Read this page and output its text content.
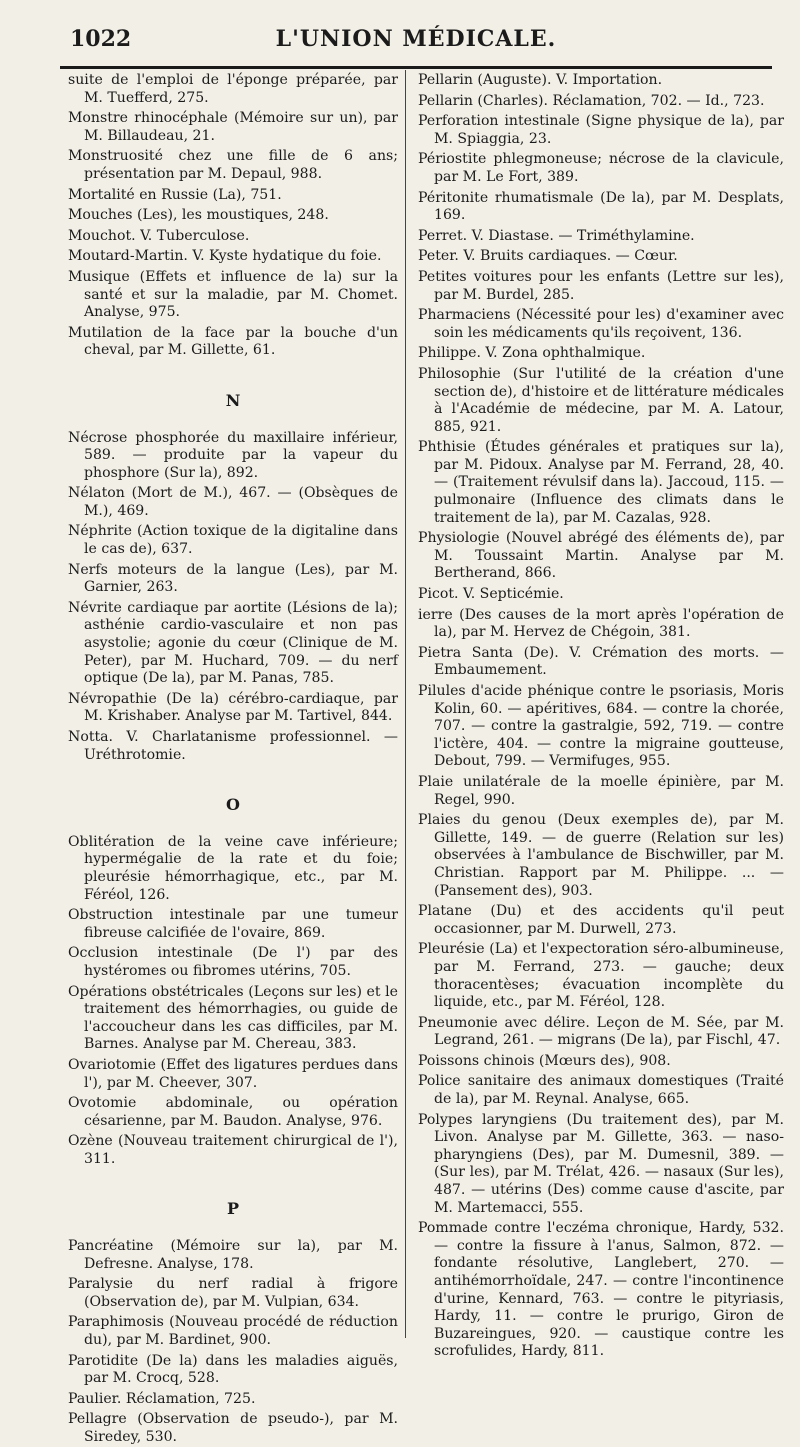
1022	L'UNION MÉDICALE.
suite de l'emploi de l'éponge préparée, par M. Tuefferd, 275.
Monstre rhinocéphale (Mémoire sur un), par M. Billaudeau, 21.
Monstruosité chez une fille de 6 ans; présentation par M. Depaul, 988.
Mortalité en Russie (La), 751.
Mouches (Les), les moustiques, 248.
Mouchot. V. Tuberculose.
Moutard-Martin. V. Kyste hydatique du foie.
Musique (Effets et influence de la) sur la santé et sur la maladie, par M. Chomet. Analyse, 975.
Mutilation de la face par la bouche d'un cheval, par M. Gillette, 61.
N
Nécrose phosphorée du maxillaire inférieur, 589. — produite par la vapeur du phosphore (Sur la), 892.
Nélaton (Mort de M.), 467. — (Obsèques de M.), 469.
Néphrite (Action toxique de la digitaline dans le cas de), 637.
Nerfs moteurs de la langue (Les), par M. Garnier, 263.
Névrite cardiaque par aortite (Lésions de la); asthénie cardio-vasculaire et non pas asystolie; agonie du cœur (Clinique de M. Peter), par M. Huchard, 709. — du nerf optique (De la), par M. Panas, 785.
Névropathie (De la) cérébro-cardiaque, par M. Krishaber. Analyse par M. Tartivel, 844.
Notta. V. Charlatanisme professionnel. — Uréthrotomie.
O
Oblitération de la veine cave inférieure; hypermégalie de la rate et du foie; pleurésie hémorrhagique, etc., par M. Féréol, 126.
Obstruction intestinale par une tumeur fibreuse calcifiée de l'ovaire, 869.
Occlusion intestinale (De l') par des hystéromes ou fibromes utérins, 705.
Opérations obstétricales (Leçons sur les) et le traitement des hémorrhagies, ou guide de l'accoucheur dans les cas difficiles, par M. Barnes. Analyse par M. Chereau, 383.
Ovariotomie (Effet des ligatures perdues dans l'), par M. Cheever, 307.
Ovotomie abdominale, ou opération césarienne, par M. Baudon. Analyse, 976.
Ozène (Nouveau traitement chirurgical de l'), 311.
P
Pancréatine (Mémoire sur la), par M. Defresne. Analyse, 178.
Paralysie du nerf radial à frigore (Observation de), par M. Vulpian, 634.
Paraphimosis (Nouveau procédé de réduction du), par M. Bardinet, 900.
Parotidite (De la) dans les maladies aiguës, par M. Crocq, 528.
Paulier. Réclamation, 725.
Pellagre (Observation de pseudo-), par M. Siredey, 530.
Pellarin (Auguste). V. Importation.
Pellarin (Charles). Réclamation, 702. — Id., 723.
Perforation intestinale (Signe physique de la), par M. Spiaggia, 23.
Périostite phlegmoneuse; nécrose de la clavicule, par M. Le Fort, 389.
Péritonite rhumatismale (De la), par M. Desplats, 169.
Perret. V. Diastase. — Triméthylamine.
Peter. V. Bruits cardiaques. — Cœur.
Petites voitures pour les enfants (Lettre sur les), par M. Burdel, 285.
Pharmaciens (Nécessité pour les) d'examiner avec soin les médicaments qu'ils reçoivent, 136.
Philippe. V. Zona ophthalmique.
Philosophie (Sur l'utilité de la création d'une section de), d'histoire et de littérature médicales à l'Académie de médecine, par M. A. Latour, 885, 921.
Phthisie (Études générales et pratiques sur la), par M. Pidoux. Analyse par M. Ferrand, 28, 40. — (Traitement révulsif dans la). Jaccoud, 115. — pulmonaire (Influence des climats dans le traitement de la), par M. Cazalas, 928.
Physiologie (Nouvel abrégé des éléments de), par M. Toussaint Martin. Analyse par M. Bertherand, 866.
Picot. V. Septicémie.
ierre (Des causes de la mort après l'opération de la), par M. Hervez de Chégoin, 381.
Pietra Santa (De). V. Crémation des morts. — Embaumement.
Pilules d'acide phénique contre le psoriasis, Moris Kolin, 60. — apéritives, 684. — contre la chorée, 707. — contre la gastralgie, 592, 719. — contre l'ictère, 404. — contre la migraine goutteuse, Debout, 799. — Vermifuges, 955.
Plaie unilatérale de la moelle épinière, par M. Regel, 990.
Plaies du genou (Deux exemples de), par M. Gillette, 149. — de guerre (Relation sur les) observées à l'ambulance de Bischwiller, par M. Christian. Rapport par M. Philippe. ... — (Pansement des), 903.
Platane (Du) et des accidents qu'il peut occasionner, par M. Durwell, 273.
Pleurésie (La) et l'expectoration séro-albumineuse, par M. Ferrand, 273. — gauche; deux thoracentèses; évacuation incomplète du liquide, etc., par M. Féréol, 128.
Pneumonie avec délire. Leçon de M. Sée, par M. Legrand, 261. — migrans (De la), par Fischl, 47.
Poissons chinois (Mœurs des), 908.
Police sanitaire des animaux domestiques (Traité de la), par M. Reynal. Analyse, 665.
Polypes laryngiens (Du traitement des), par M. Livon. Analyse par M. Gillette, 363. — naso-pharyngiens (Des), par M. Dumesnil, 389. — (Sur les), par M. Trélat, 426. — nasaux (Sur les), 487. — utérins (Des) comme cause d'ascite, par M. Martemacci, 555.
Pommade contre l'eczéma chronique, Hardy, 532. — contre la fissure à l'anus, Salmon, 872. — fondante résolutive, Langlebert, 270. — antihémorrhoïdale, 247. — contre l'incontinence d'urine, Kennard, 763. — contre le pityriasis, Hardy, 11. — contre le prurigo, Giron de Buzareingues, 920. — caustique contre les scrofulides, Hardy, 811.
